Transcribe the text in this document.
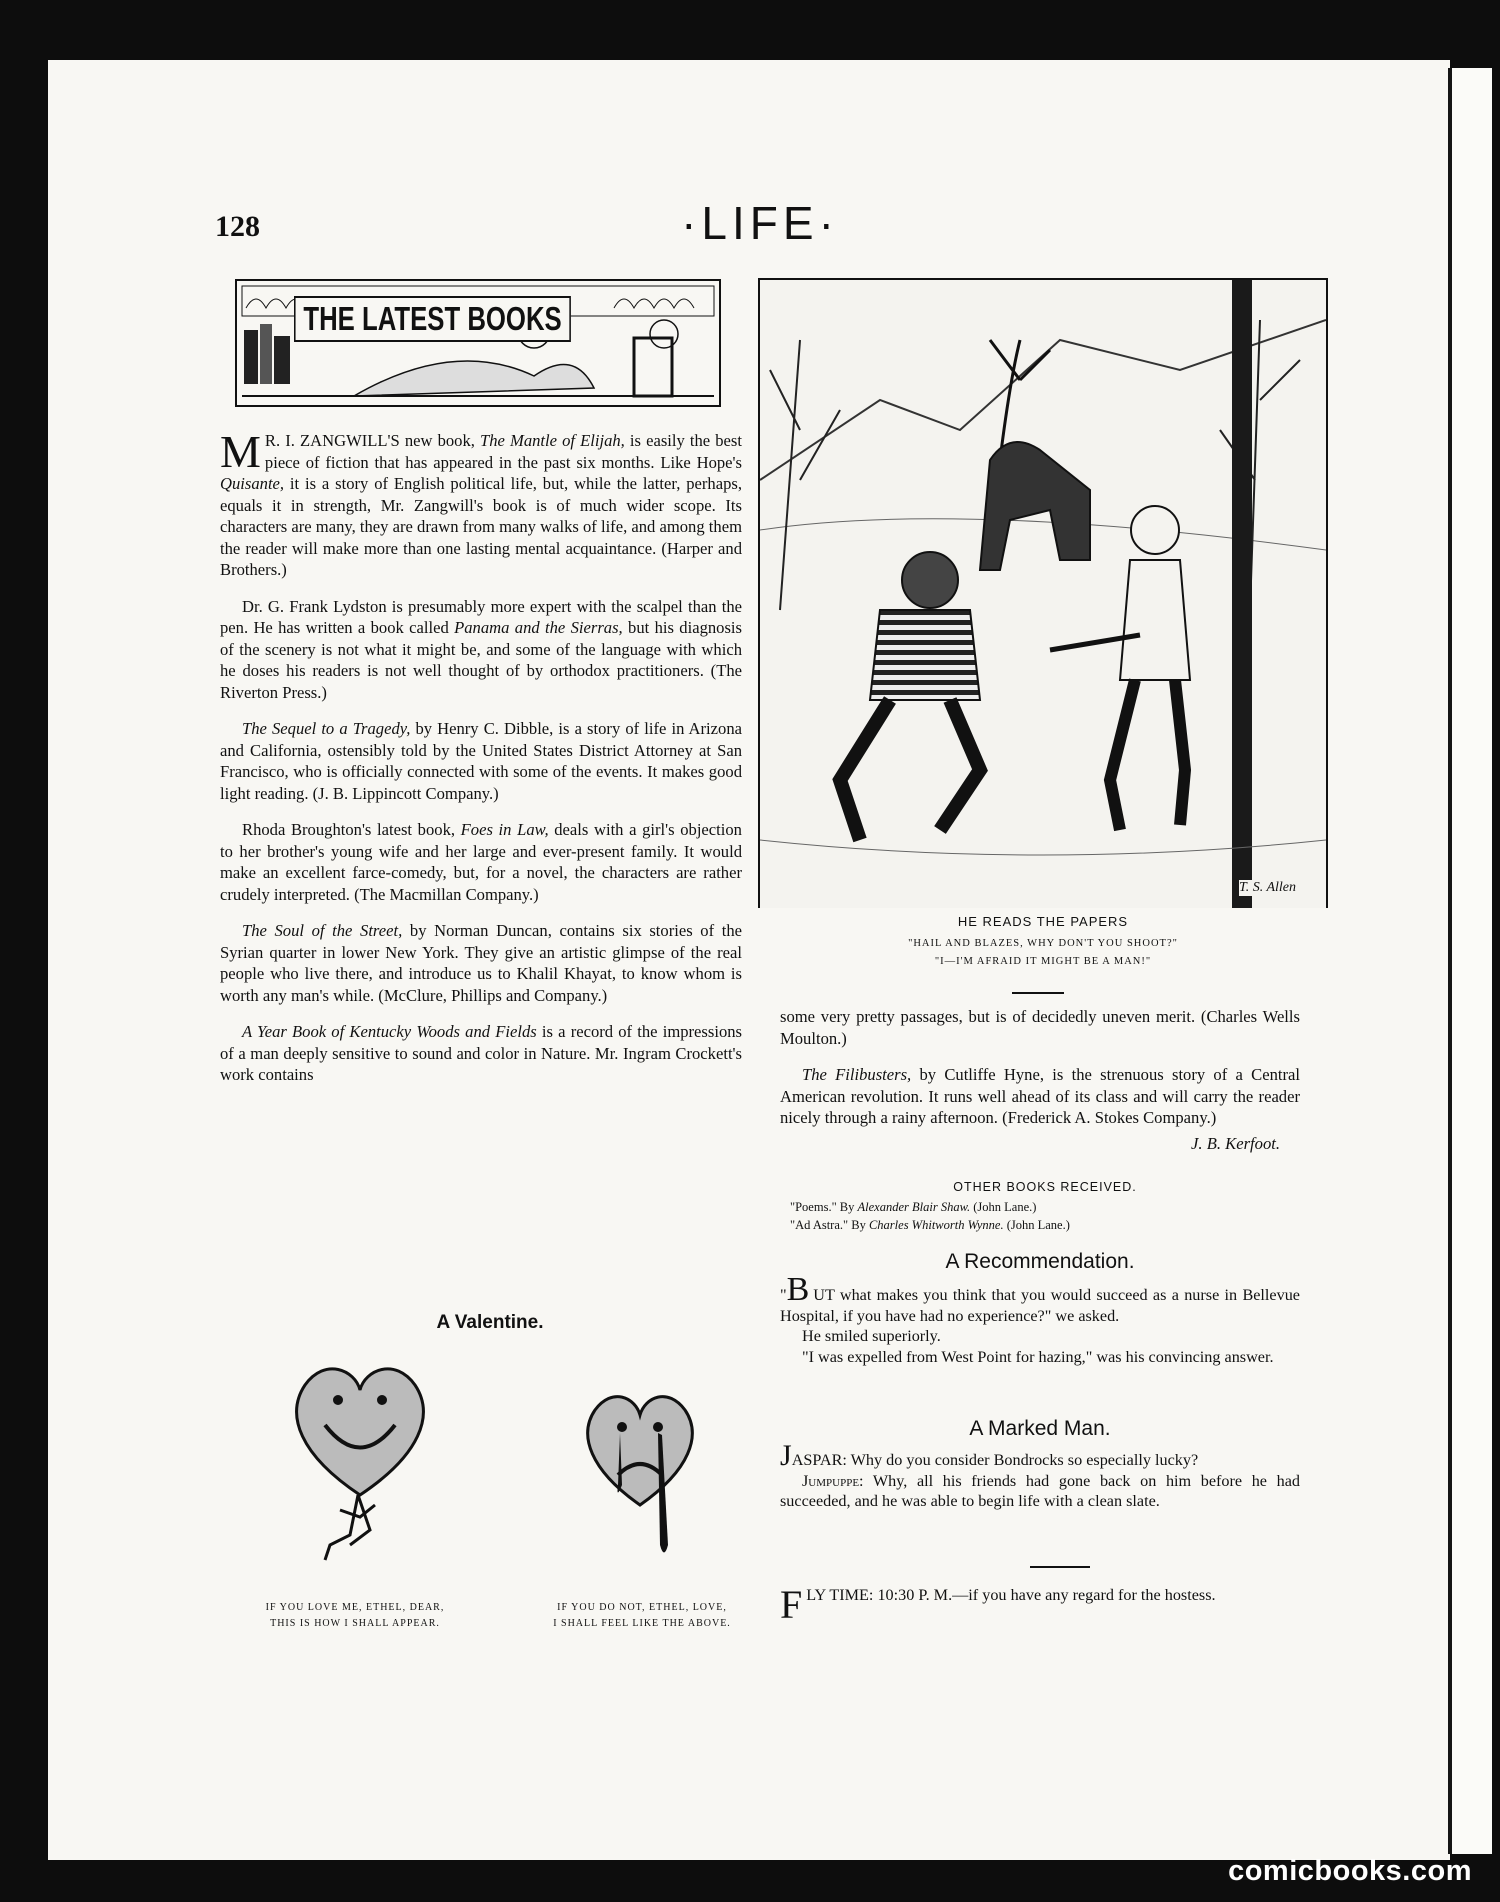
128	·LIFE·
THE LATEST BOOKS

M R. I. ZANGWILL'S new book, The Mantle of Elijah, is easily the best piece of fiction that has appeared in the past six months. Like Hope's Quisante, it is a story of English political life, but, while the latter, perhaps, equals it in strength, Mr. Zangwill's book is of much wider scope. Its characters are many, they are drawn from many walks of life, and among them the reader will make more than one lasting mental acquaintance. (Harper and Brothers.)

Dr. G. Frank Lydston is presumably more expert with the scalpel than the pen. He has written a book called Panama and the Sierras, but his diagnosis of the scenery is not what it might be, and some of the language with which he doses his readers is not well thought of by orthodox practitioners. (The Riverton Press.)

The Sequel to a Tragedy, by Henry C. Dibble, is a story of life in Arizona and California, ostensibly told by the United States District Attorney at San Francisco, who is officially connected with some of the events. It makes good light reading. (J. B. Lippincott Company.)

Rhoda Broughton's latest book, Foes in Law, deals with a girl's objection to her brother's young wife and her large and ever-present family. It would make an excellent farce-comedy, but, for a novel, the characters are rather crudely interpreted. (The Macmillan Company.)

The Soul of the Street, by Norman Duncan, contains six stories of the Syrian quarter in lower New York. They give an artistic glimpse of the real people who live there, and introduce us to Khalil Khayat, to know whom is worth any man's while. (McClure, Phillips and Company.)

A Year Book of Kentucky Woods and Fields is a record of the impressions of a man deeply sensitive to sound and color in Nature. Mr. Ingram Crockett's work contains

A Valentine.
IF YOU LOVE ME, ETHEL, DEAR,
THIS IS HOW I SHALL APPEAR.
IF YOU DO NOT, ETHEL, LOVE,
I SHALL FEEL LIKE THE ABOVE.
T. S. Allen
HE READS THE PAPERS
"HAIL AND BLAZES, WHY DON'T YOU SHOOT?"
"I—I'M AFRAID IT MIGHT BE A MAN!"

some very pretty passages, but is of decidedly uneven merit. (Charles Wells Moulton.)

The Filibusters, by Cutliffe Hyne, is the strenuous story of a Central American revolution. It runs well ahead of its class and will carry the reader nicely through a rainy afternoon. (Frederick A. Stokes Company.)

J. B. Kerfoot.

OTHER BOOKS RECEIVED.
"Poems." By Alexander Blair Shaw. (John Lane.)
"Ad Astra." By Charles Whitworth Wynne. (John Lane.)
A Recommendation.

"B UT what makes you think that you would succeed as a nurse in Bellevue Hospital, if you have had no experience?" we asked.

He smiled superiorly.

"I was expelled from West Point for hazing," was his convincing answer.

A Marked Man.

JASPAR: Why do you consider Bondrocks so especially lucky?

Jumpuppe: Why, all his friends had gone back on him before he had succeeded, and he was able to begin life with a clean slate.

FLY TIME: 10:30 P. M.—if you have any regard for the hostess.

comicbooks.com
